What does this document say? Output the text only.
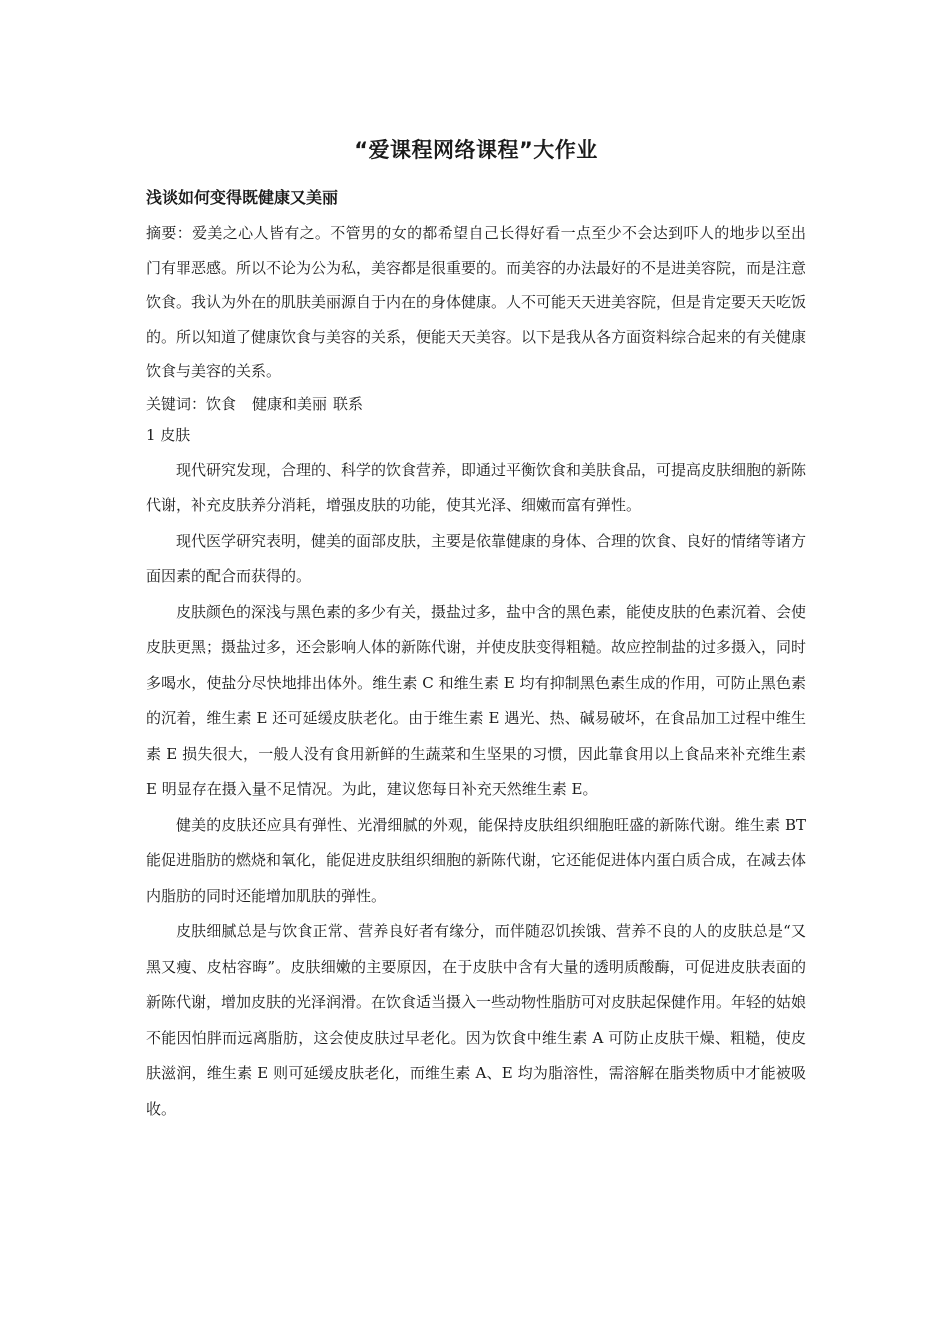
“爱课程网络课程”大作业
浅谈如何变得既健康又美丽

摘要：爱美之心人皆有之。不管男的女的都希望自己长得好看一点至少不会达到吓人的地步以至出门有罪恶感。所以不论为公为私，美容都是很重要的。而美容的办法最好的不是进美容院，而是注意饮食。我认为外在的肌肤美丽源自于内在的身体健康。人不可能天天进美容院，但是肯定要天天吃饭的。所以知道了健康饮食与美容的关系，便能天天美容。以下是我从各方面资料综合起来的有关健康饮食与美容的关系。

关键词：饮食 健康和美丽 联系

1 皮肤

现代研究发现，合理的、科学的饮食营养，即通过平衡饮食和美肤食品，可提高皮肤细胞的新陈代谢，补充皮肤养分消耗，增强皮肤的功能，使其光泽、细嫩而富有弹性。

现代医学研究表明，健美的面部皮肤，主要是依靠健康的身体、合理的饮食、良好的情绪等诸方面因素的配合而获得的。

皮肤颜色的深浅与黑色素的多少有关，摄盐过多，盐中含的黑色素，能使皮肤的色素沉着、会使皮肤更黑；摄盐过多，还会影响人体的新陈代谢，并使皮肤变得粗糙。故应控制盐的过多摄入，同时多喝水，使盐分尽快地排出体外。维生素 C 和维生素 E 均有抑制黑色素生成的作用，可防止黑色素的沉着，维生素 E 还可延缓皮肤老化。由于维生素 E 遇光、热、碱易破坏，在食品加工过程中维生素 E 损失很大，一般人没有食用新鲜的生蔬菜和生坚果的习惯，因此靠食用以上食品来补充维生素 E 明显存在摄入量不足情况。为此，建议您每日补充天然维生素 E。

健美的皮肤还应具有弹性、光滑细腻的外观，能保持皮肤组织细胞旺盛的新陈代谢。维生素 BT 能促进脂肪的燃烧和氧化，能促进皮肤组织细胞的新陈代谢，它还能促进体内蛋白质合成，在减去体内脂肪的同时还能增加肌肤的弹性。

皮肤细腻总是与饮食正常、营养良好者有缘分，而伴随忍饥挨饿、营养不良的人的皮肤总是“又黑又瘦、皮枯容晦”。皮肤细嫩的主要原因，在于皮肤中含有大量的透明质酸酶，可促进皮肤表面的新陈代谢，增加皮肤的光泽润滑。在饮食适当摄入一些动物性脂肪可对皮肤起保健作用。年轻的姑娘不能因怕胖而远离脂肪，这会使皮肤过早老化。因为饮食中维生素 A 可防止皮肤干燥、粗糙，使皮肤滋润，维生素 E 则可延缓皮肤老化，而维生素 A、E 均为脂溶性，需溶解在脂类物质中才能被吸收。
